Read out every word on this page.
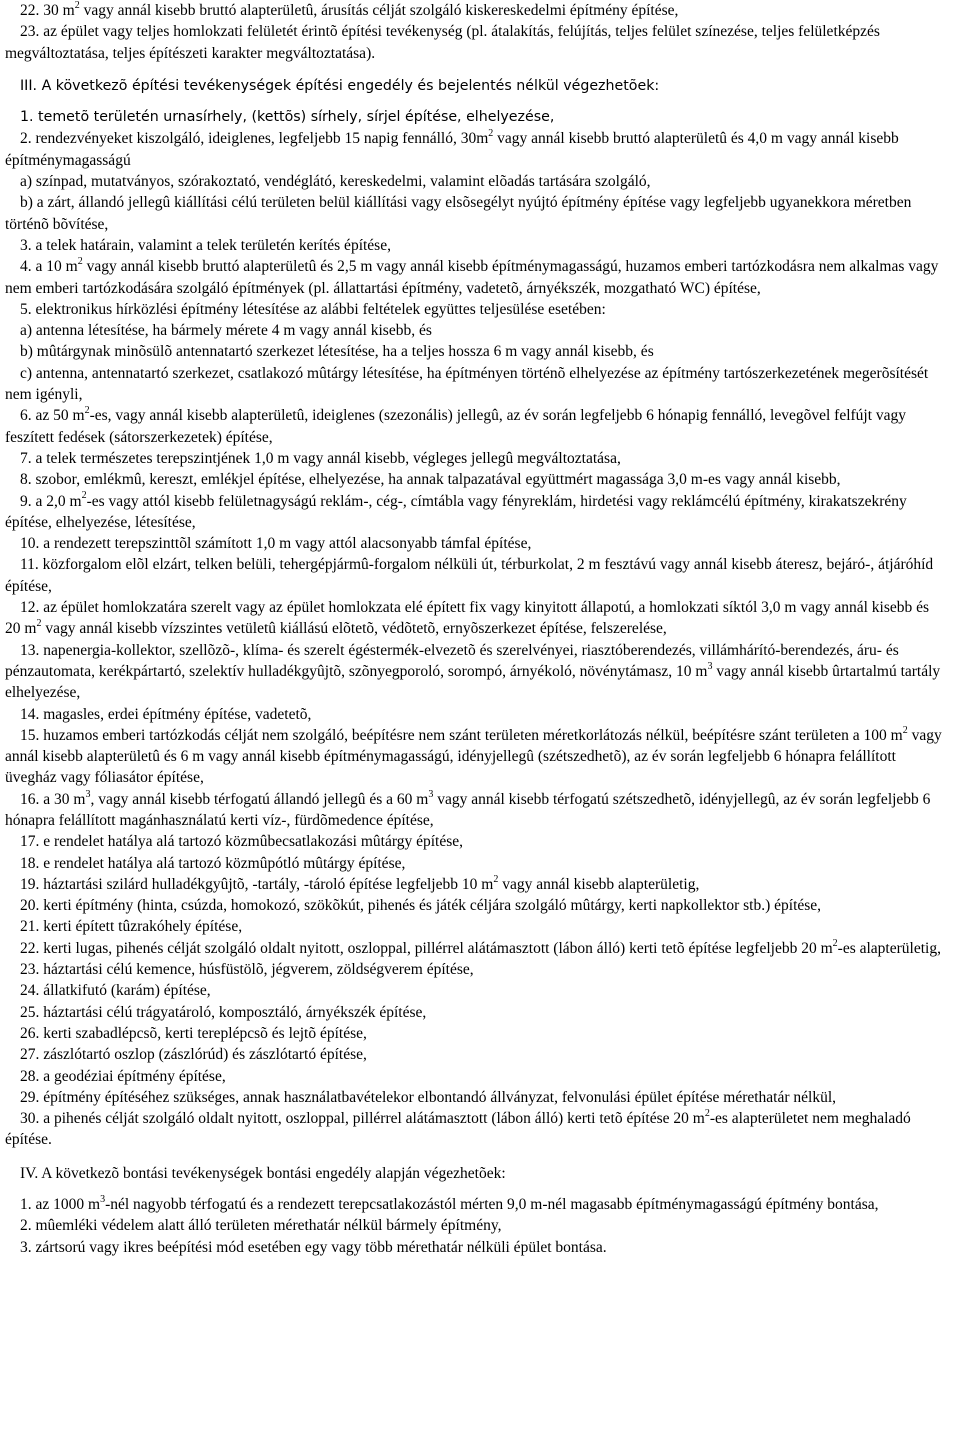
22. 30 $m^2$ vagy annál kisebb bruttó alapterületû, árusítás célját szolgáló kiskereskedelmi építmény építése,

23. az épület vagy teljes homlokzati felületét érintõ építési tevékenység (pl. átalakítás, felújítás, teljes felület színezése, teljes felületképzés megváltoztatása, teljes építészeti karakter megváltoztatása).

III. A következõ építési tevékenységek építési engedély és bejelentés nélkül végezhetõek:

1. temetõ területén urnasírhely, (kettõs) sírhely, sírjel építése, elhelyezése,

2. rendezvényeket kiszolgáló, ideiglenes, legfeljebb 15 napig fennálló, $30m^2$ vagy annál kisebb bruttó alapterületû és 4,0 m vagy annál kisebb építménymagasságú

a) színpad, mutatványos, szórakoztató, vendéglátó, kereskedelmi, valamint elõadás tartására szolgáló,

b) a zárt, állandó jellegû kiállítási célú területen belül kiállítási vagy elsõsegélyt nyújtó építmény építése vagy legfeljebb ugyanekkora méretben történõ bõvítése,

3. a telek határain, valamint a telek területén kerítés építése,

4. a 10 $m^2$ vagy annál kisebb bruttó alapterületû és 2,5 m vagy annál kisebb építménymagasságú, huzamos emberi tartózkodásra nem alkalmas vagy nem emberi tartózkodására szolgáló építmények (pl. állattartási építmény, vadetetõ, árnyékszék, mozgatható WC) építése,

5. elektronikus hírközlési építmény létesítése az alábbi feltételek együttes teljesülése esetében:

a) antenna létesítése, ha bármely mérete 4 m vagy annál kisebb, és

b) mûtárgynak minõsülõ antennatartó szerkezet létesítése, ha a teljes hossza 6 m vagy annál kisebb, és

c) antenna, antennatartó szerkezet, csatlakozó mûtárgy létesítése, ha építményen történõ elhelyezése az építmény tartószerkezetének megerõsítését nem igényli,

6. az 50 $m^2-es$, vagy annál kisebb alapterületû, ideiglenes (szezonális) jellegû, az év során legfeljebb 6 hónapig fennálló, levegõvel felfújt vagy feszített fedések (sátorszerkezetek) építése,

7. a telek természetes terepszintjének 1,0 m vagy annál kisebb, végleges jellegû megváltoztatása,

8. szobor, emlékmû, kereszt, emlékjel építése, elhelyezése, ha annak talpazatával együttmért magassága 3,0 m-es vagy annál kisebb,

9. a 2,0 $m^2-es$ vagy attól kisebb felületnagyságú reklám-, cég-, címtábla vagy fényreklám, hirdetési vagy reklámcélú építmény, kirakatszekrény építése, elhelyezése, létesítése,

10. a rendezett terepszinttõl számított 1,0 m vagy attól alacsonyabb támfal építése,

11. közforgalom elõl elzárt, telken belüli, tehergépjármû-forgalom nélküli út, térburkolat, 2 m fesztávú vagy annál kisebb áteresz, bejáró-, átjáróhíd építése,

12. az épület homlokzatára szerelt vagy az épület homlokzata elé épített fix vagy kinyitott állapotú, a homlokzati síktól 3,0 m vagy annál kisebb és 20 $m^2$ vagy annál kisebb vízszintes vetületû kiállású elõtetõ, védõtetõ, ernyõszerkezet építése, felszerelése,

13. napenergia-kollektor, szellõzõ-, klíma- és szerelt égéstermék-elvezetõ és szerelvényei, riasztóberendezés, villámhárító-berendezés, áru- és pénzautomata, kerékpártartó, szelektív hulladékgyûjtõ, szõnyegporoló, sorompó, árnyékoló, növénytámasz, 10 $m^3$ vagy annál kisebb ûrtartalmú tartály elhelyezése,

14. magasles, erdei építmény építése, vadetetõ,

15. huzamos emberi tartózkodás célját nem szolgáló, beépítésre nem szánt területen méretkorlátozás nélkül, beépítésre szánt területen a 100 $m^2$ vagy annál kisebb alapterületû és 6 m vagy annál kisebb építménymagasságú, idényjellegû (szétszedhetõ), az év során legfeljebb 6 hónapra felállított üvegház vagy fóliasátor építése,

16. a 30 $m^3$, vagy annál kisebb térfogatú állandó jellegû és a 60 $m^3$ vagy annál kisebb térfogatú szétszedhetõ, idényjellegû, az év során legfeljebb 6 hónapra felállított magánhasználatú kerti víz-, fürdõmedence építése,

17. e rendelet hatálya alá tartozó közmûbecsatlakozási mûtárgy építése,

18. e rendelet hatálya alá tartozó közmûpótló mûtárgy építése,

19. háztartási szilárd hulladékgyûjtõ, -tartály, -tároló építése legfeljebb 10 $m^2$ vagy annál kisebb alapterületig,

20. kerti építmény (hinta, csúzda, homokozó, szökõkút, pihenés és játék céljára szolgáló mûtárgy, kerti napkollektor stb.) építése,

21. kerti épített tûzrakóhely építése,

22. kerti lugas, pihenés célját szolgáló oldalt nyitott, oszloppal, pillérrel alátámasztott (lábon álló) kerti tetõ építése legfeljebb 20 $m^2-es$ alapterületig,

23. háztartási célú kemence, húsfüstölõ, jégverem, zöldségverem építése,

24. állatkifutó (karám) építése,

25. háztartási célú trágyatároló, komposztáló, árnyékszék építése,

26. kerti szabadlépcsõ, kerti tereplépcsõ és lejtõ építése,

27. zászlótartó oszlop (zászlórúd) és zászlótartó építése,

28. a geodéziai építmény építése,

29. építmény építéséhez szükséges, annak használatbavételekor elbontandó állványzat, felvonulási épület építése mérethatár nélkül,

30. a pihenés célját szolgáló oldalt nyitott, oszloppal, pillérrel alátámasztott (lábon álló) kerti tetõ építése 20 $m^2-es$ alapterületet nem meghaladó építése.

IV. A következõ bontási tevékenységek bontási engedély alapján végezhetõek:

1. az 1000 $m^3$-nél nagyobb térfogatú és a rendezett terepcsatlakozástól mérten 9,0 m-nél magasabb építménymagasságú építmény bontása,

2. mûemléki védelem alatt álló területen mérethatár nélkül bármely építmény,

3. zártsorú vagy ikres beépítési mód esetében egy vagy több mérethatár nélküli épület bontása.
